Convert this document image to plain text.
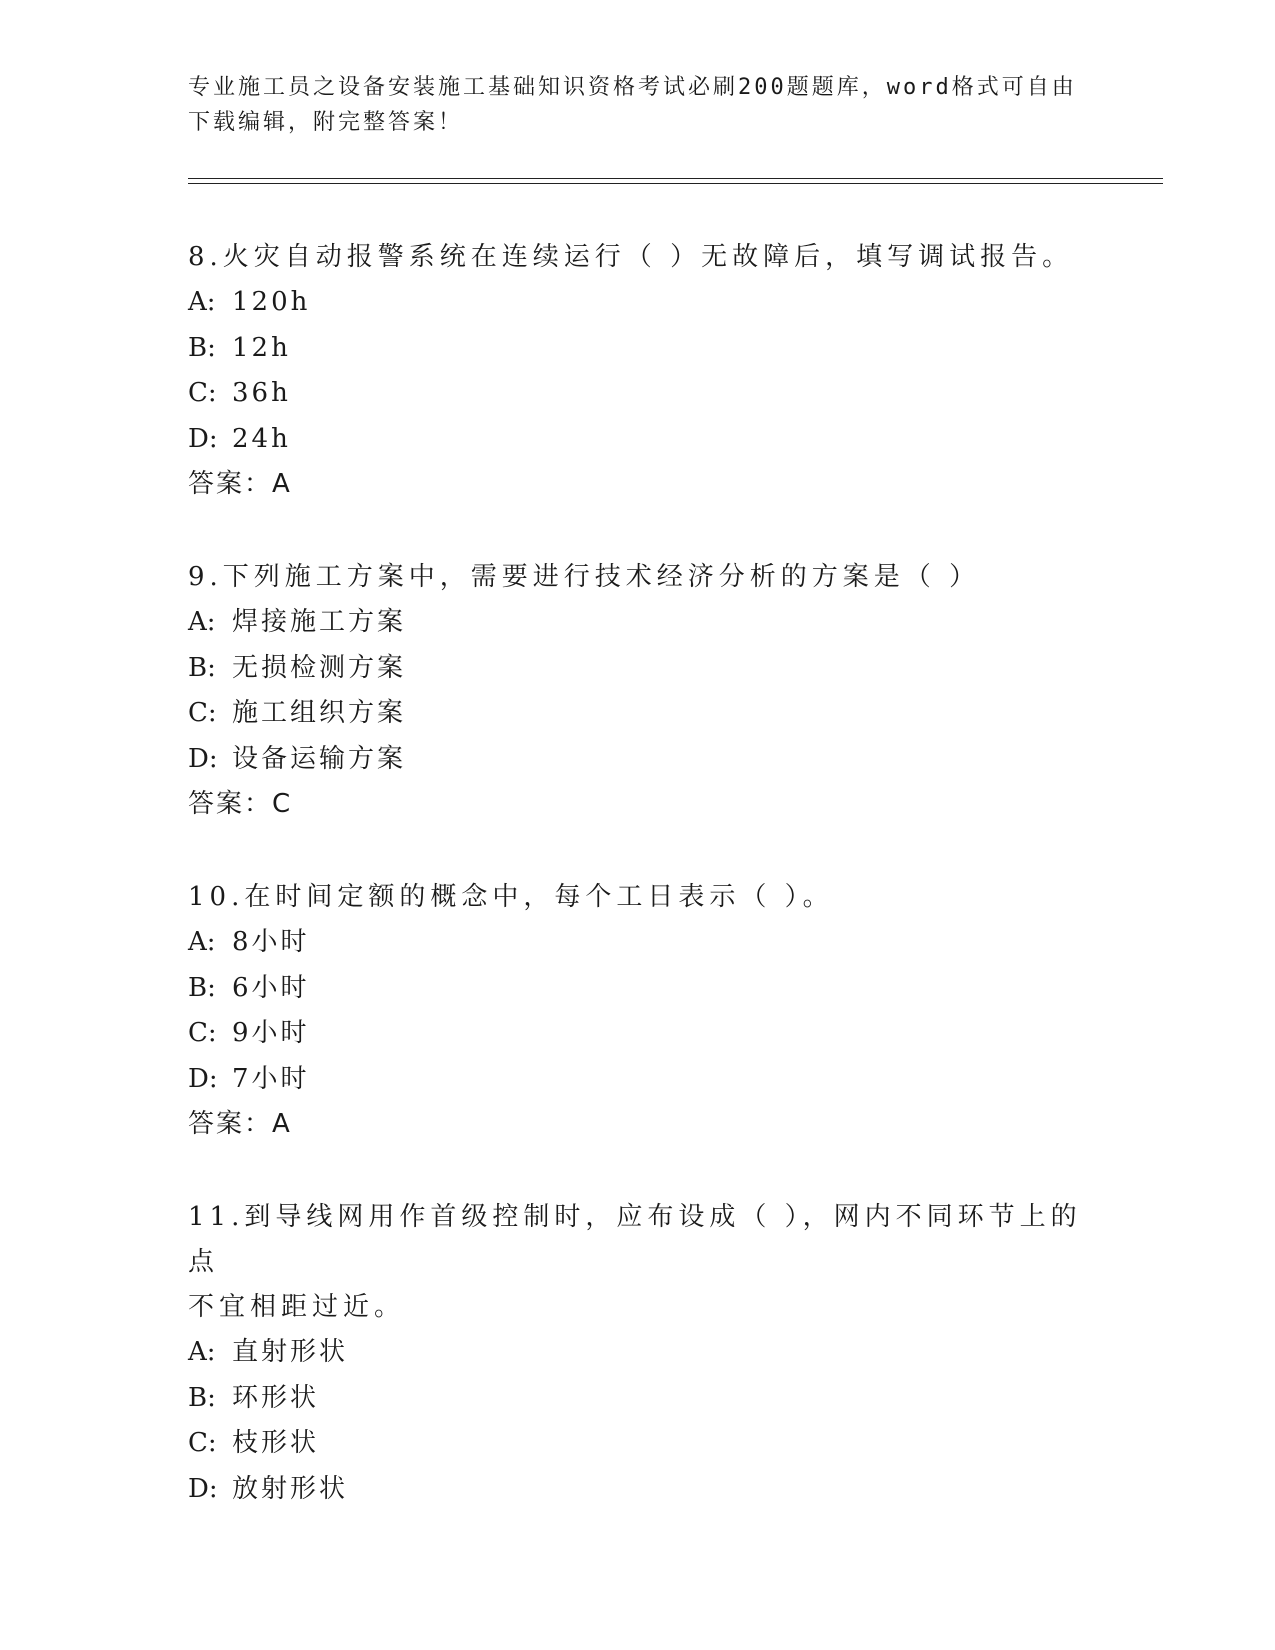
专业施工员之设备安装施工基础知识资格考试必刷200题题库，word格式可自由
下载编辑，附完整答案！
8.火灾自动报警系统在连续运行（ ）无故障后，填写调试报告。
A: 120h
B: 12h
C: 36h
D: 24h
答案：A
9.下列施工方案中，需要进行技术经济分析的方案是（ ）
A: 焊接施工方案
B: 无损检测方案
C: 施工组织方案
D: 设备运输方案
答案：C
10.在时间定额的概念中，每个工日表示（ ）。
A: 8小时
B: 6小时
C: 9小时
D: 7小时
答案：A
11.到导线网用作首级控制时，应布设成（ ），网内不同环节上的点
不宜相距过近。
A: 直射形状
B: 环形状
C: 枝形状
D: 放射形状
